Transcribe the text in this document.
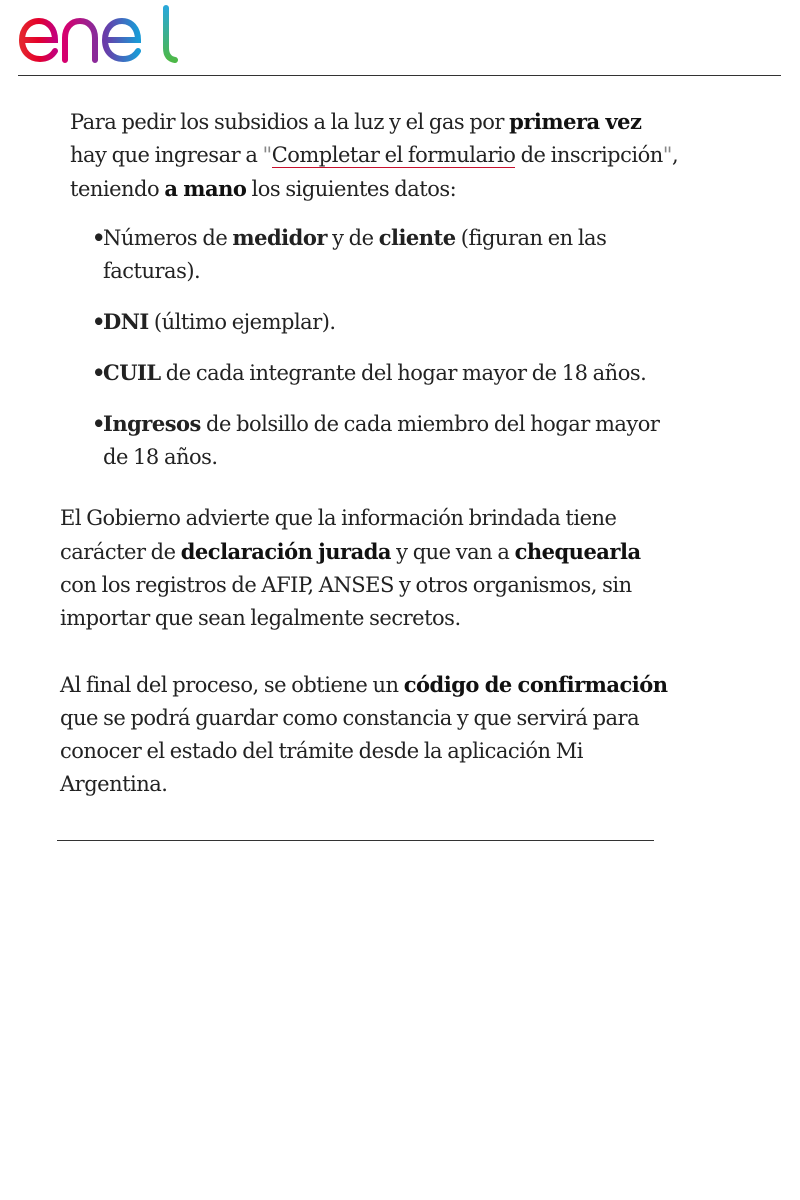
Para pedir los subsidios a la luz y el gas por primera vez hay que ingresar a "Completar el formulario de inscripción", teniendo a mano los siguientes datos:

•
Números de medidor y de cliente (figuran en las facturas).
•
DNI (último ejemplar).
•
CUIL de cada integrante del hogar mayor de 18 años.
•
Ingresos de bolsillo de cada miembro del hogar mayor de 18 años.

El Gobierno advierte que la información brindada tiene carácter de declaración jurada y que van a chequearla con los registros de AFIP, ANSES y otros organismos, sin importar que sean legalmente secretos.

Al final del proceso, se obtiene un código de confirmación que se podrá guardar como constancia y que servirá para conocer el estado del trámite desde la aplicación Mi Argentina.
